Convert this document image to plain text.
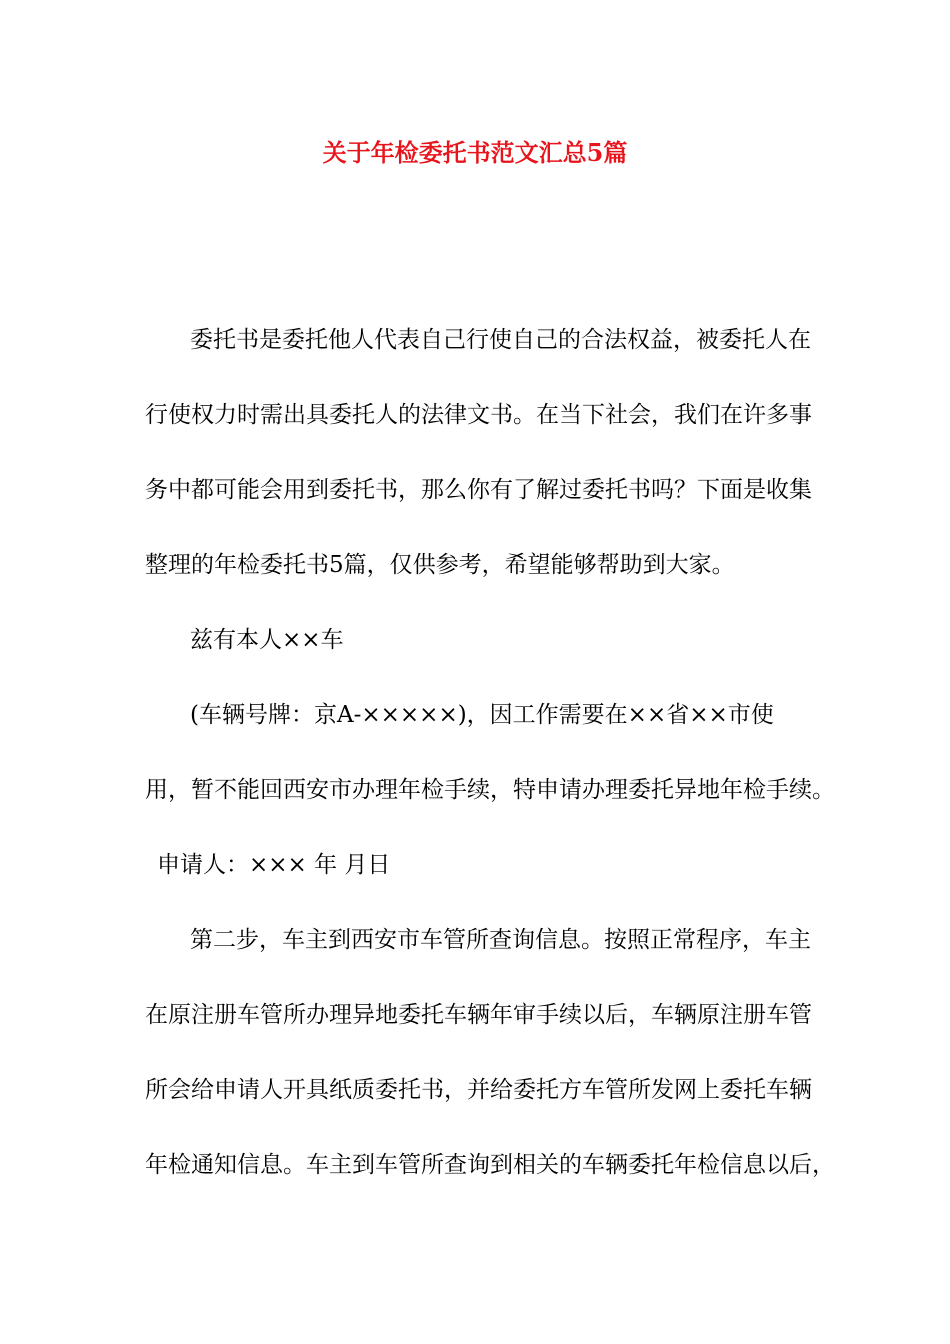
关于年检委托书范文汇总5篇
委托书是委托他人代表自己行使自己的合法权益，被委托人在
行使权力时需出具委托人的法律文书。在当下社会，我们在许多事
务中都可能会用到委托书，那么你有了解过委托书吗？下面是收集
整理的年检委托书5篇，仅供参考，希望能够帮助到大家。
兹有本人××车
(车辆号牌：京A-×××××)，因工作需要在××省××市使
用，暂不能回西安市办理年检手续，特申请办理委托异地年检手续。
申请人：××× 年 月日
第二步，车主到西安市车管所查询信息。按照正常程序，车主
在原注册车管所办理异地委托车辆年审手续以后，车辆原注册车管
所会给申请人开具纸质委托书，并给委托方车管所发网上委托车辆
年检通知信息。车主到车管所查询到相关的车辆委托年检信息以后，
